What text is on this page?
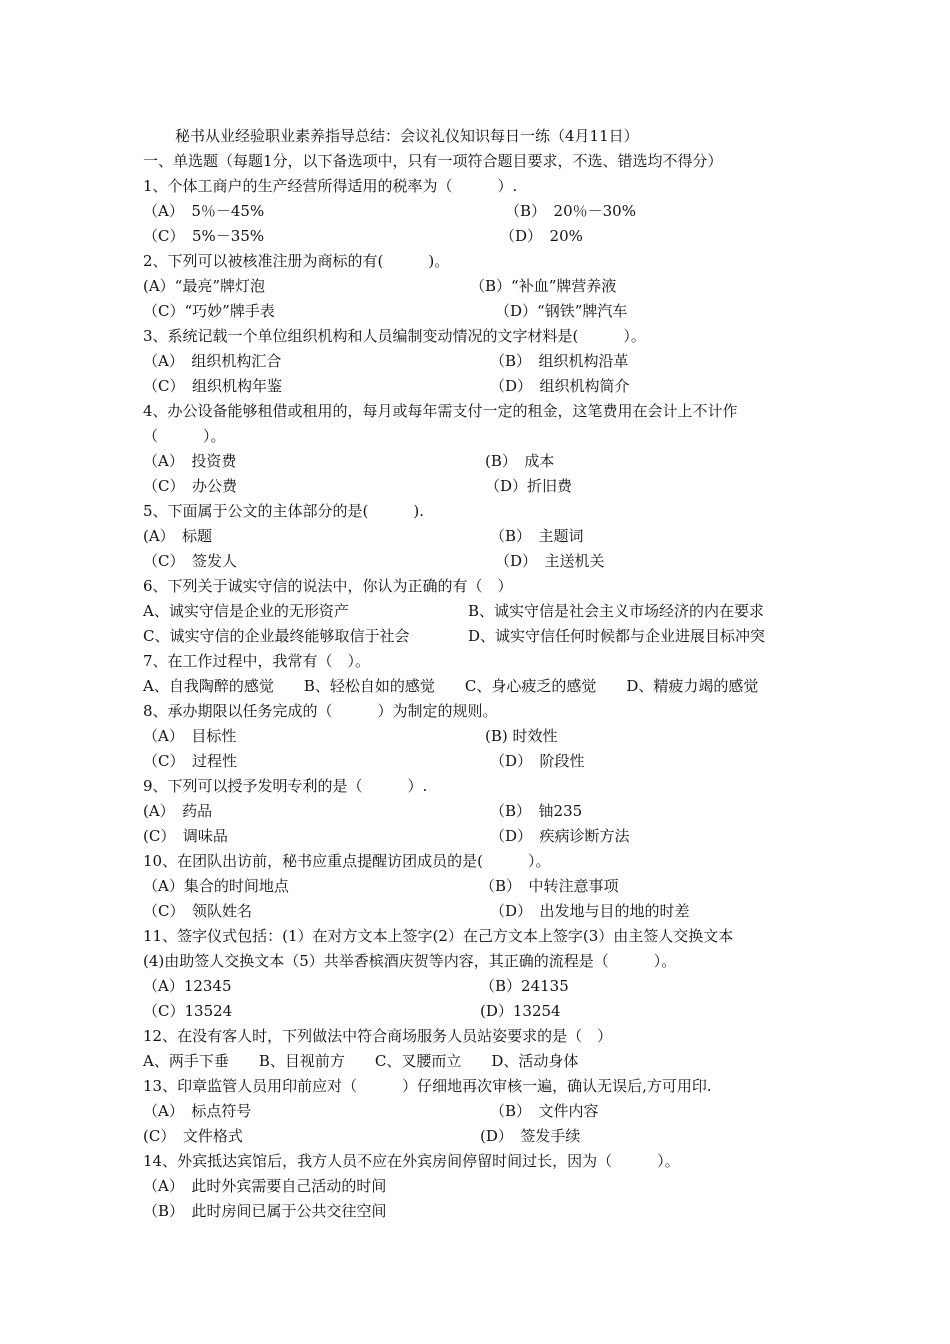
秘书从业经验职业素养指导总结：会议礼仪知识每日一练（4月11日）
一、单选题（每题1分，以下备选项中，只有一项符合题目要求，不选、错选均不得分）
1、个体工商户的生产经营所得适用的税率为（　　　）.
（A）　5％－45%	（B）　20％－30%
（C）　5%－35%	（D）　20%
2、下列可以被核准注册为商标的有(　　　)。
(A）“最亮”牌灯泡	（B）“补血”牌营养液
（C）“巧妙”牌手表	（D）“钢铁”牌汽车
3、系统记载一个单位组织机构和人员编制变动情况的文字材料是(　　　）。
（A）　组织机构汇合	（B）　组织机构沿革
（C）　组织机构年鉴	（D）　组织机构简介
4、办公设备能够租借或租用的，每月或每年需支付一定的租金，这笔费用在会计上不计作
（　　　）。
（A）　投资费	(B）　成本
（C）　办公费	（D）折旧费
5、下面属于公文的主体部分的是(　　　).
(A）　标题	（B）　主题词
（C）　签发人	（D）　主送机关
6、下列关于诚实守信的说法中，你认为正确的有（　）
A、诚实守信是企业的无形资产	B、诚实守信是社会主义市场经济的内在要求
C、诚实守信的企业最终能够取信于社会	D、诚实守信任何时候都与企业进展目标冲突
7、在工作过程中，我常有（　）。
A、自我陶醉的感觉　　B、轻松自如的感觉　　C、身心疲乏的感觉　　D、精疲力竭的感觉
8、承办期限以任务完成的（　　　）为制定的规则。
（A）　目标性	(B) 时效性
（C）　过程性	（D）　阶段性
9、下列可以授予发明专利的是（　　　）.
(A）　药品	（B）　铀235
(C）　调味品	（D）　疾病诊断方法
10、在团队出访前，秘书应重点提醒访团成员的是(　　　）。
（A）集合的时间地点	（B）　中转注意事项
（C）　领队姓名	（D）　出发地与目的地的时差
11、签字仪式包括：(1）在对方文本上签字(2）在己方文本上签字(3）由主签人交换文本
(4)由助签人交换文本（5）共举香槟酒庆贺等内容，其正确的流程是（　　　）。
（A）12345	（B）24135
（C）13524	(D）13254
12、在没有客人时，下列做法中符合商场服务人员站姿要求的是（　）
A、两手下垂　　B、目视前方　　C、叉腰而立　　D、活动身体
13、印章监管人员用印前应对（　　　）仔细地再次审核一遍，确认无误后,方可用印.
（A）　标点符号	（B）　文件内容
(C）　文件格式	(D）　签发手续
14、外宾抵达宾馆后，我方人员不应在外宾房间停留时间过长，因为（　　　）。
（A）　此时外宾需要自己活动的时间
（B）　此时房间已属于公共交往空间
